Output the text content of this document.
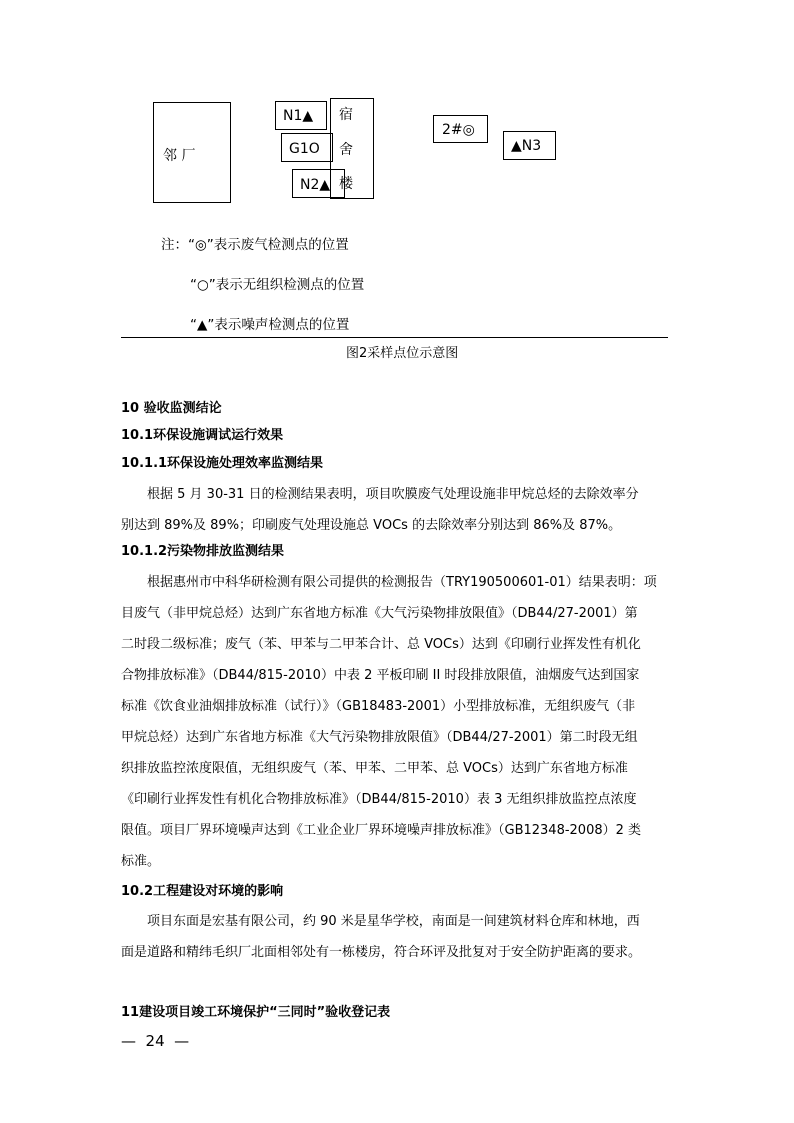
邻 厂
N1▲ 宿
舍
楼
G1O
N2▲
2#◎
▲N3
注：“◎”表示废气检测点的位置
“○”表示无组织检测点的位置
“▲”表示噪声检测点的位置
图2采样点位示意图
10 验收监测结论
10.1环保设施调试运行效果
10.1.1环保设施处理效率监测结果
根据 5 月 30-31 日的检测结果表明，项目吹膜废气处理设施非甲烷总烃的去除效率分
别达到 89%及 89%；印刷废气处理设施总 VOCs 的去除效率分别达到 86%及 87%。
10.1.2污染物排放监测结果
根据惠州市中科华研检测有限公司提供的检测报告（TRY190500601-01）结果表明：项
目废气（非甲烷总烃）达到广东省地方标准《大气污染物排放限值》（DB44/27-2001）第
二时段二级标准；废气（苯、甲苯与二甲苯合计、总 VOCs）达到《印刷行业挥发性有机化
合物排放标准》（DB44/815-2010）中表 2 平板印刷 II 时段排放限值，油烟废气达到国家
标准《饮食业油烟排放标准（试行）》（GB18483-2001）小型排放标准，无组织废气（非
甲烷总烃）达到广东省地方标准《大气污染物排放限值》（DB44/27-2001）第二时段无组
织排放监控浓度限值，无组织废气（苯、甲苯、二甲苯、总 VOCs）达到广东省地方标准
《印刷行业挥发性有机化合物排放标准》（DB44/815-2010）表 3 无组织排放监控点浓度
限值。项目厂界环境噪声达到《工业企业厂界环境噪声排放标准》（GB12348-2008）2 类
标准。
10.2工程建设对环境的影响
项目东面是宏基有限公司，约 90 米是星华学校，南面是一间建筑材料仓库和林地，西
面是道路和精纬毛织厂北面相邻处有一栋楼房，符合环评及批复对于安全防护距离的要求。
11建设项目竣工环境保护“三同时”验收登记表
—  24  —
